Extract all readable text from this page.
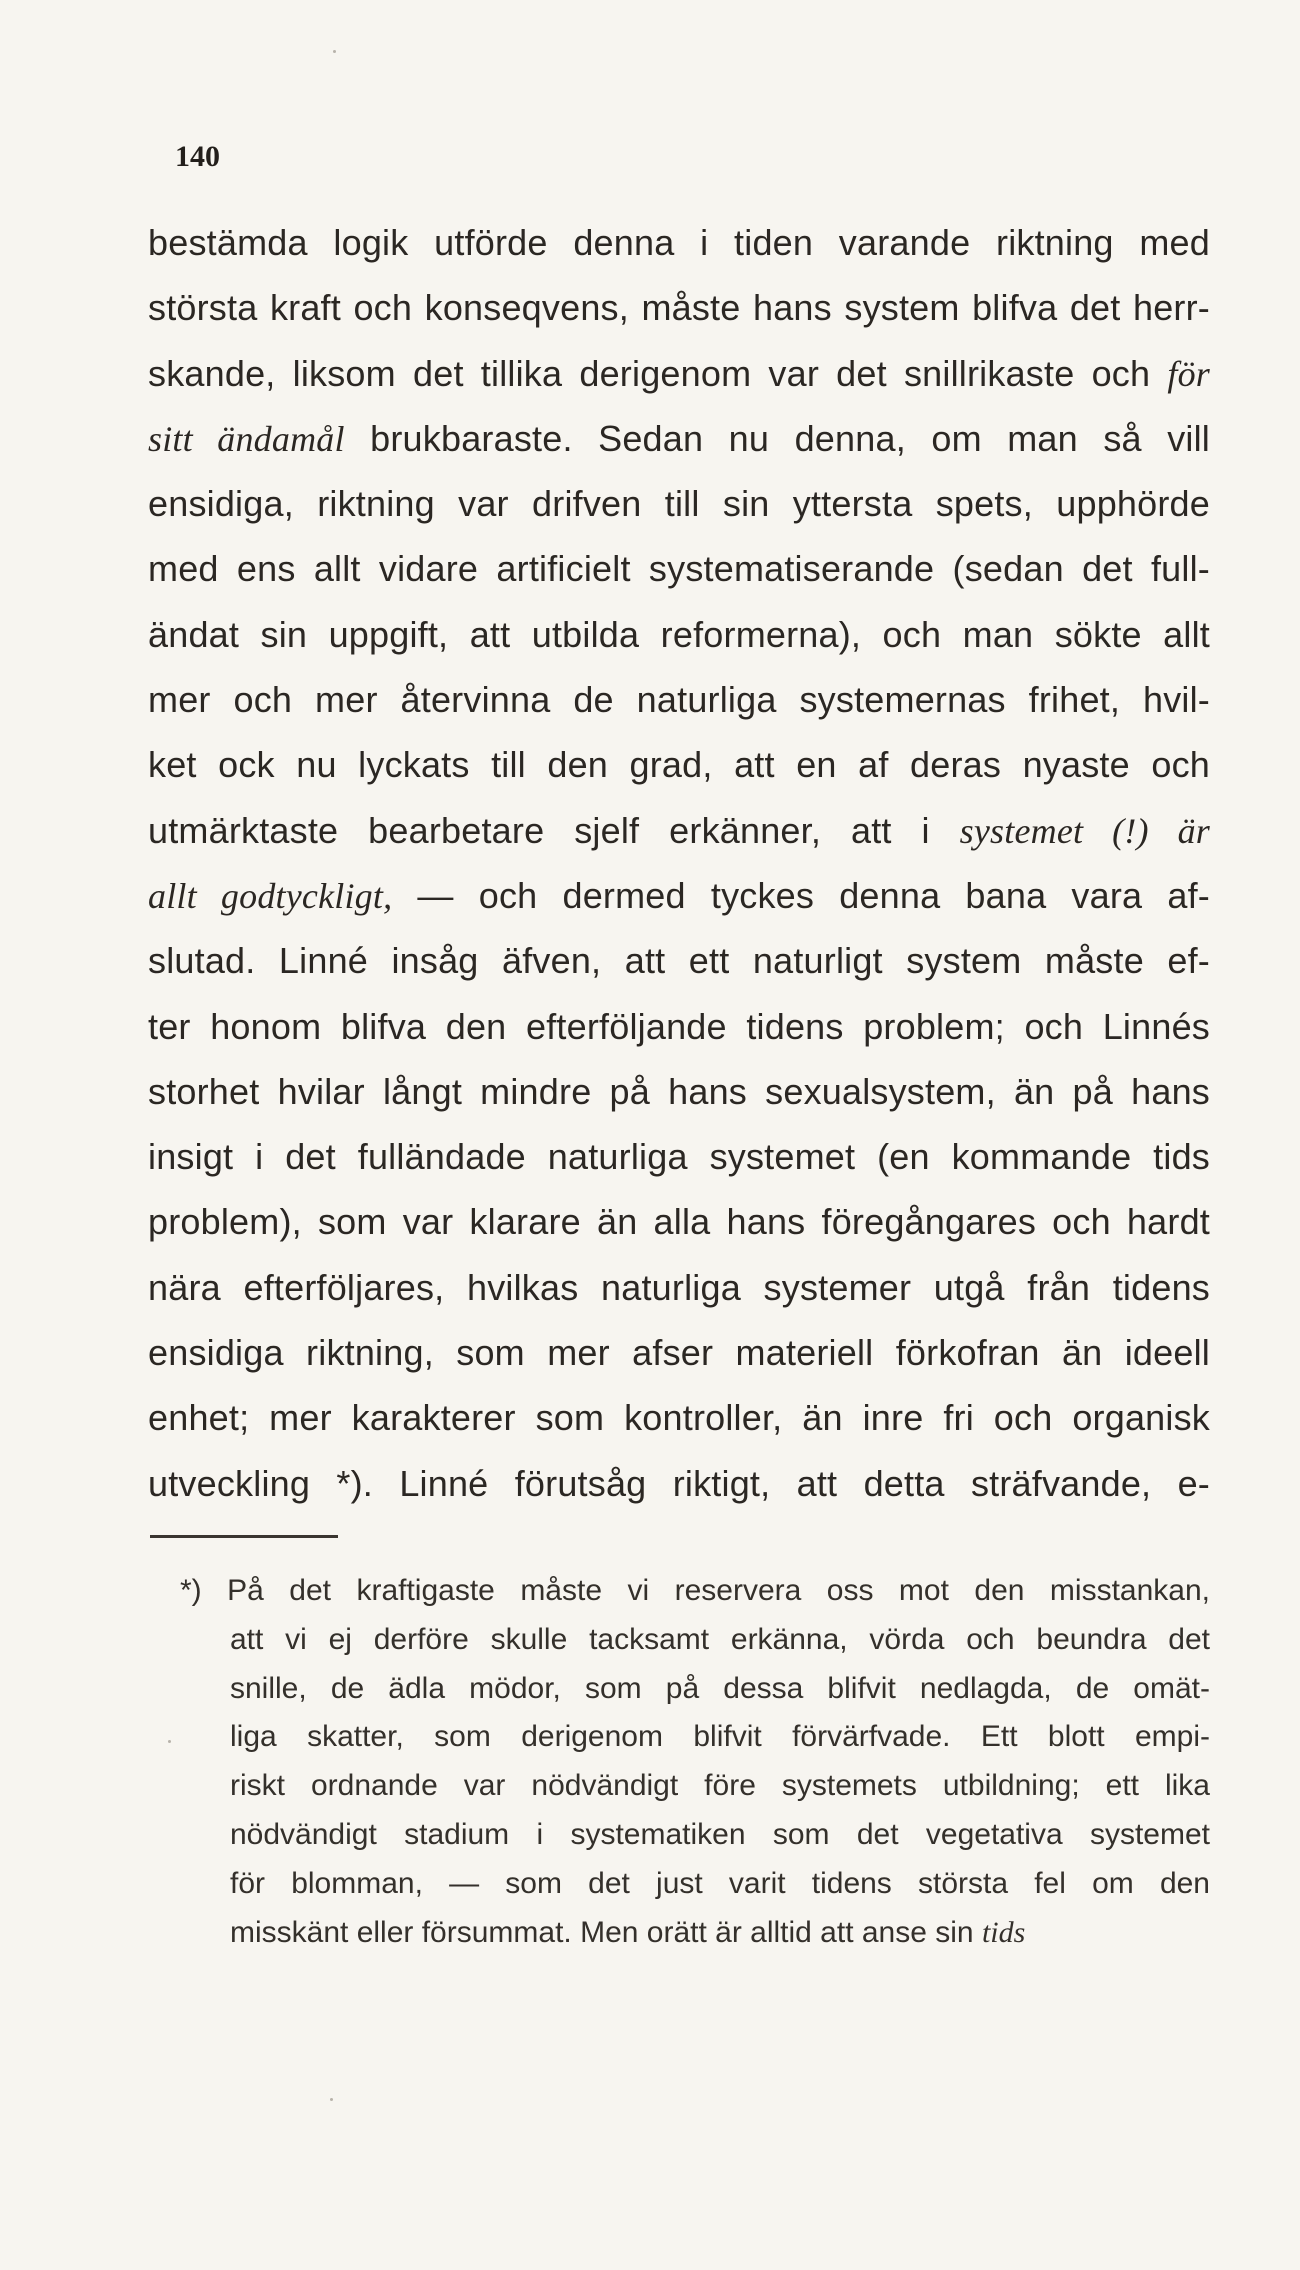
140
bestämda logik utförde denna i tiden varande riktning med
största kraft och konseqvens, måste hans system blifva det herr-
skande, liksom det tillika derigenom var det snillrikaste och för
sitt ändamål brukbaraste. Sedan nu denna, om man så vill
ensidiga, riktning var drifven till sin yttersta spets, upphörde
med ens allt vidare artificielt systematiserande (sedan det full-
ändat sin uppgift, att utbilda reformerna), och man sökte allt
mer och mer återvinna de naturliga systemernas frihet, hvil-
ket ock nu lyckats till den grad, att en af deras nyaste och
utmärktaste bearbetare sjelf erkänner, att i systemet (!) är
allt godtyckligt, — och dermed tyckes denna bana vara af-
slutad. Linné insåg äfven, att ett naturligt system måste ef-
ter honom blifva den efterföljande tidens problem; och Linnés
storhet hvilar långt mindre på hans sexualsystem, än på hans
insigt i det fulländade naturliga systemet (en kommande tids
problem), som var klarare än alla hans föregångares och hardt
nära efterföljares, hvilkas naturliga systemer utgå från tidens
ensidiga riktning, som mer afser materiell förkofran än ideell
enhet; mer karakterer som kontroller, än inre fri och organisk
utveckling *). Linné förutsåg riktigt, att detta sträfvande, e-
*) På det kraftigaste måste vi reservera oss mot den misstankan,
att vi ej derföre skulle tacksamt erkänna, vörda och beundra det
snille, de ädla mödor, som på dessa blifvit nedlagda, de omät-
liga skatter, som derigenom blifvit förvärfvade. Ett blott empi-
riskt ordnande var nödvändigt före systemets utbildning; ett lika
nödvändigt stadium i systematiken som det vegetativa systemet
för blomman, — som det just varit tidens största fel om den
misskänt eller försummat. Men orätt är alltid att anse sin tids
